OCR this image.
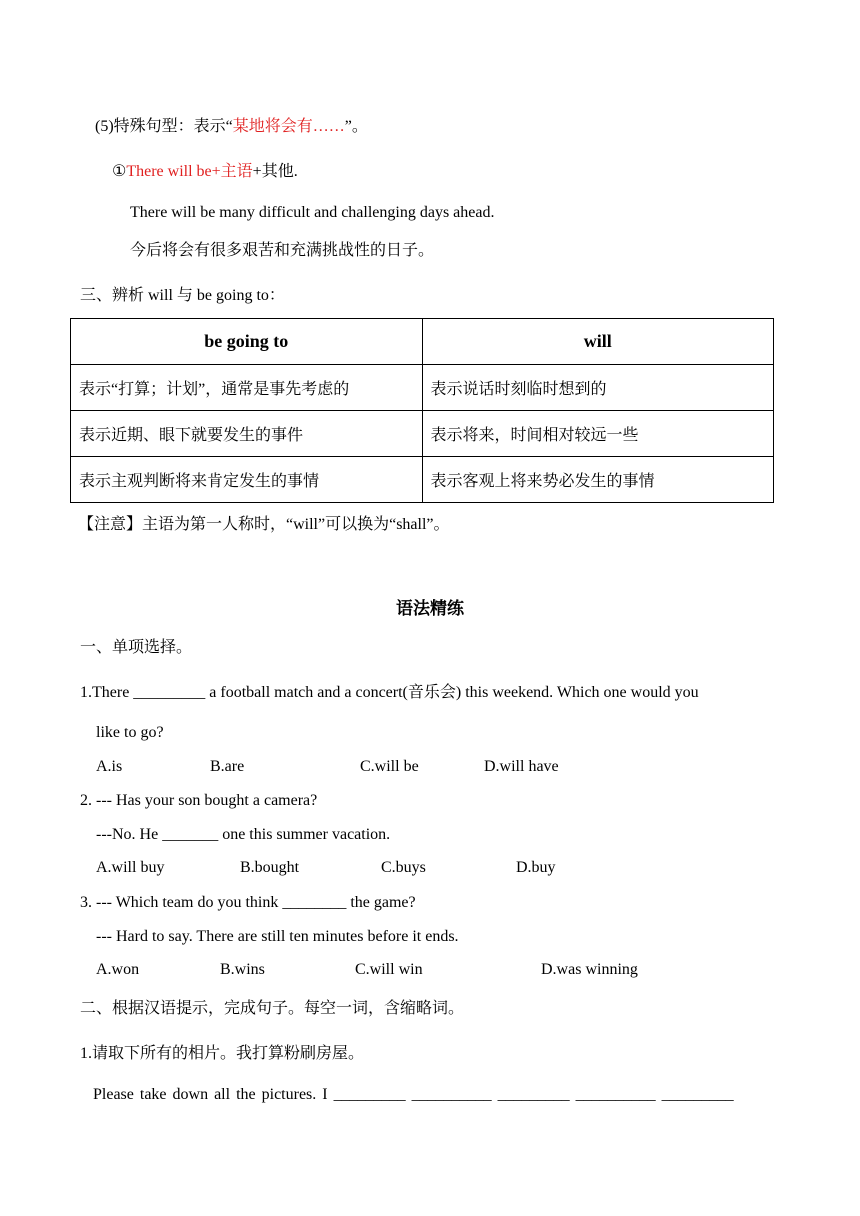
(5)特殊句型：表示“某地将会有……”。
①There will be+主语+其他.
There will be many difficult and challenging days ahead.
今后将会有很多艰苦和充满挑战性的日子。
三、辨析 will 与 be going to：
be going to	will
表示“打算；计划”，通常是事先考虑的	表示说话时刻临时想到的
表示近期、眼下就要发生的事件	表示将来，时间相对较远一些
表示主观判断将来肯定发生的事情	表示客观上将来势必发生的事情
【注意】主语为第一人称时，“will”可以换为“shall”。
语法精练
一、单项选择。
1.There _________ a football match and a concert(音乐会) this weekend. Which one would you
like to go?
A.is	B.are	C.will be	D.will have
2. --- Has your son bought a camera?
---No. He _______ one this summer vacation.
A.will buy	B.bought	C.buys	D.buy
3. --- Which team do you think ________ the game?
--- Hard to say. There are still ten minutes before it ends.
A.won	B.wins	C.will win	D.was winning
二、根据汉语提示，完成句子。每空一词，含缩略词。
1.请取下所有的相片。我打算粉刷房屋。
Please take down all the pictures. I _________ __________ _________ __________ _________
